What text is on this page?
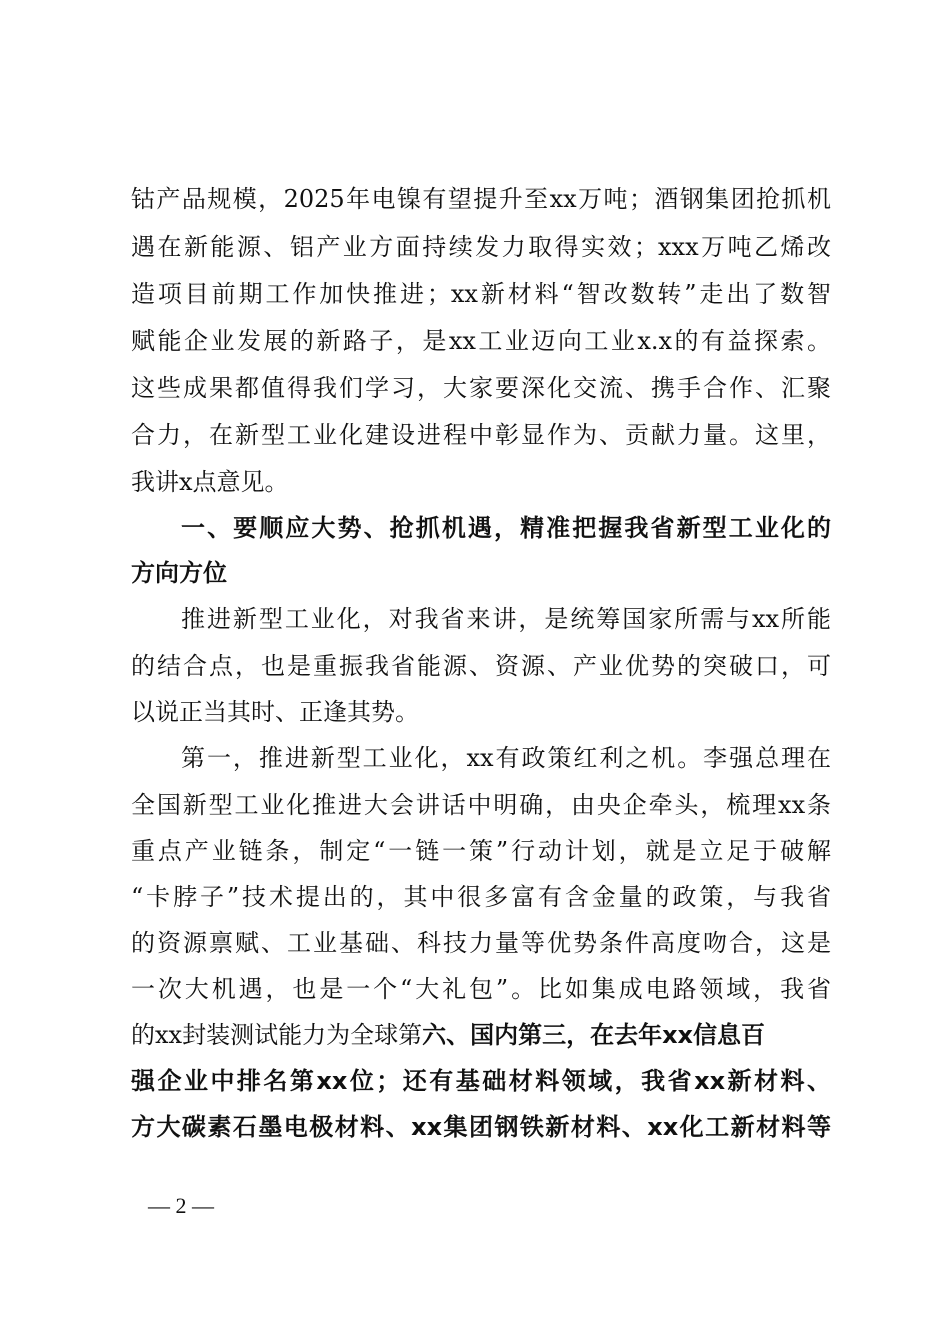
钴产品规模，2025年电镍有望提升至xx万吨；酒钢集团抢抓机
遇在新能源、铝产业方面持续发力取得实效；xxx万吨乙烯改
造项目前期工作加快推进；xx新材料“智改数转”走出了数智
赋能企业发展的新路子，是xx工业迈向工业x.x的有益探索。
这些成果都值得我们学习，大家要深化交流、携手合作、汇聚
合力，在新型工业化建设进程中彰显作为、贡献力量。这里，
我讲x点意见。
一、要顺应大势、抢抓机遇，精准把握我省新型工业化的
方向方位
推进新型工业化，对我省来讲，是统筹国家所需与xx所能
的结合点，也是重振我省能源、资源、产业优势的突破口，可
以说正当其时、正逢其势。
第一，推进新型工业化，xx有政策红利之机。李强总理在
全国新型工业化推进大会讲话中明确，由央企牵头，梳理xx条
重点产业链条，制定“一链一策”行动计划，就是立足于破解
“卡脖子”技术提出的，其中很多富有含金量的政策，与我省
的资源禀赋、工业基础、科技力量等优势条件高度吻合，这是
一次大机遇，也是一个“大礼包”。比如集成电路领域，我省
的xx封装测试能力为全球第六、国内第三，在去年xx信息百
强企业中排名第xx位；还有基础材料领域，我省xx新材料、
方大碳素石墨电极材料、xx集团钢铁新材料、xx化工新材料等
— 2 —
